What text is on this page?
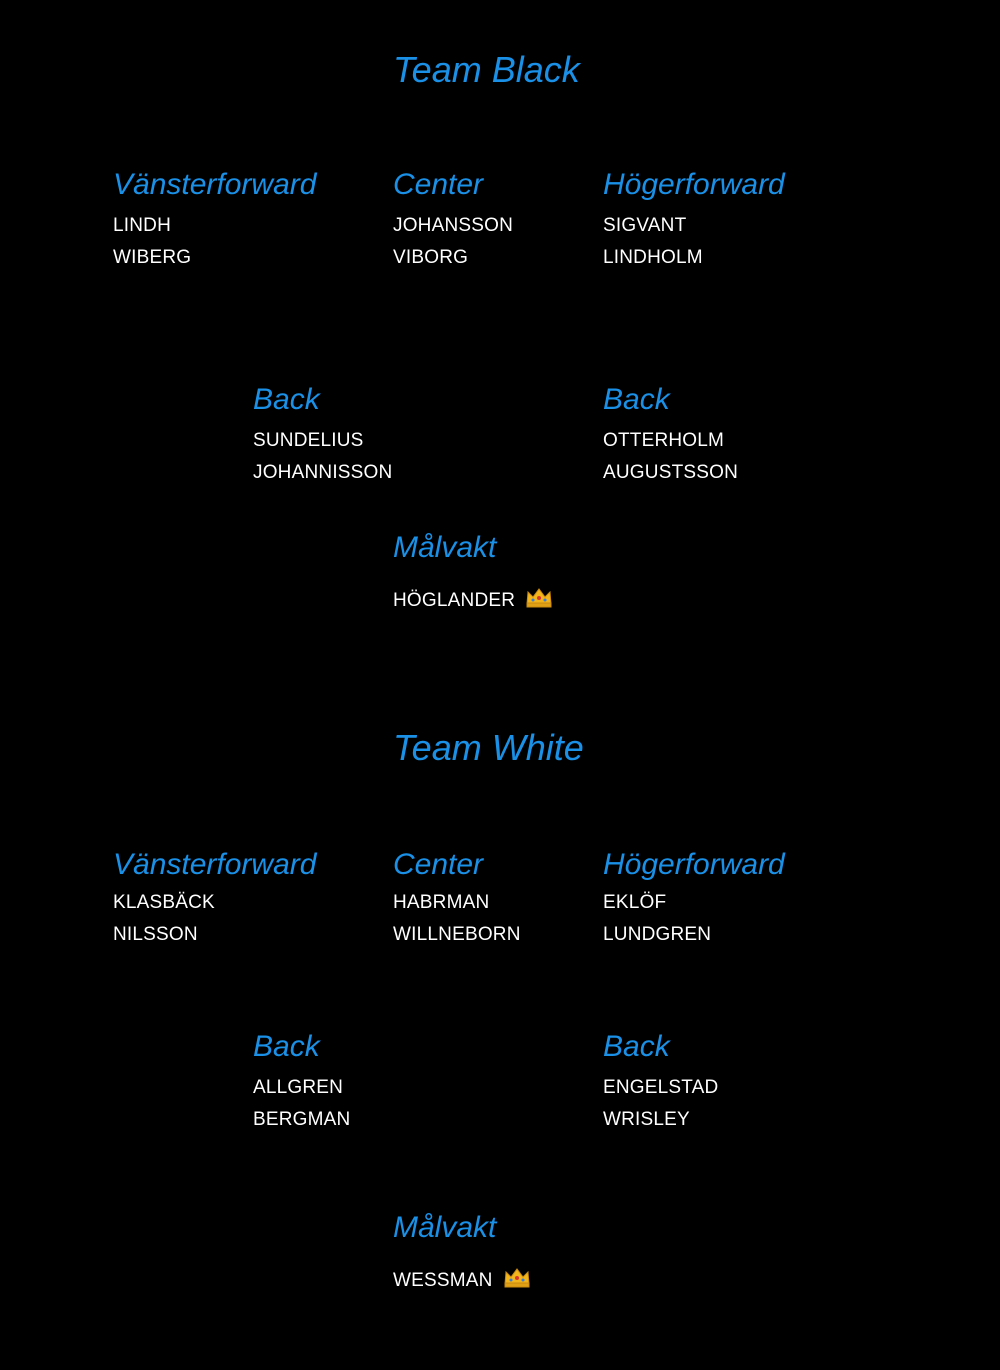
Team Black
Vänsterforward
LINDH
WIBERG
Center
JOHANSSON
VIBORG
Högerforward
SIGVANT
LINDHOLM
Back
SUNDELIUS
JOHANNISSON
Back
OTTERHOLM
AUGUSTSSON
Målvakt
HÖGLANDER
Team White
Vänsterforward
KLASBÄCK
NILSSON
Center
HABRMAN
WILLNEBORN
Högerforward
EKLÖF
LUNDGREN
Back
ALLGREN
BERGMAN
Back
ENGELSTAD
WRISLEY
Målvakt
WESSMAN
